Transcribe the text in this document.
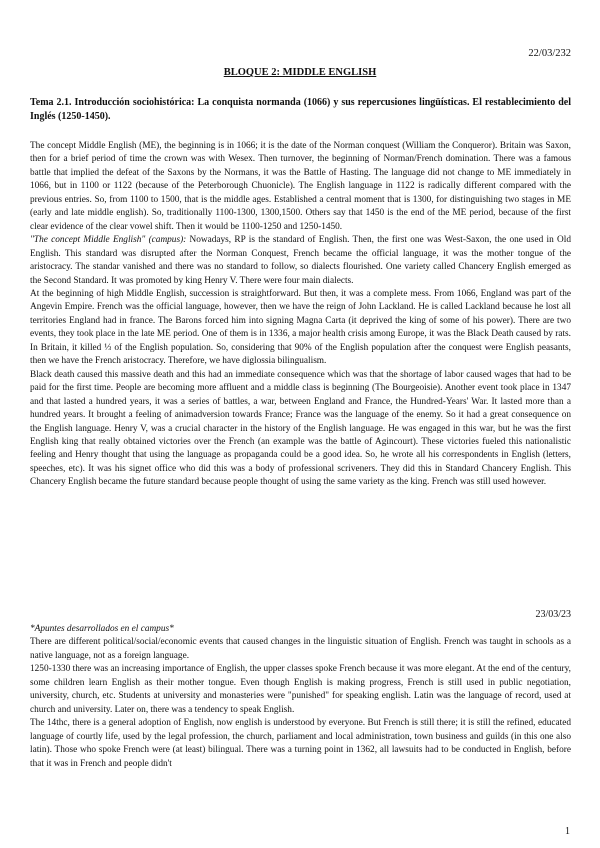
22/03/232
BLOQUE 2: MIDDLE ENGLISH
Tema 2.1. Introducción sociohistórica: La conquista normanda (1066) y sus repercusiones lingüísticas. El restablecimiento del Inglés (1250-1450).

The concept Middle English (ME), the beginning is in 1066; it is the date of the Norman conquest (William the Conqueror). Britain was Saxon, then for a brief period of time the crown was with Wesex. Then turnover, the beginning of Norman/French domination. There was a famous battle that implied the defeat of the Saxons by the Normans, it was the Battle of Hasting. The language did not change to ME immediately in 1066, but in 1100 or 1122 (because of the Peterborough Chuonicle). The English language in 1122 is radically different compared with the previous entries. So, from 1100 to 1500, that is the middle ages. Established a central moment that is 1300, for distinguishing two stages in ME (early and late middle english). So, traditionally 1100-1300, 1300,1500. Others say that 1450 is the end of the ME period, because of the first clear evidence of the clear vowel shift. Then it would be 1100-1250 and 1250-1450.

"The concept Middle English" (campus): Nowadays, RP is the standard of English. Then, the first one was West-Saxon, the one used in Old English. This standard was disrupted after the Norman Conquest, French became the official language, it was the mother tongue of the aristocracy. The standar vanished and there was no standard to follow, so dialects flourished. One variety called Chancery English emerged as the Second Standard. It was promoted by king Henry V. There were four main dialects.

At the beginning of high Middle English, succession is straightforward. But then, it was a complete mess. From 1066, England was part of the Angevin Empire. French was the official language, however, then we have the reign of John Lackland. He is called Lackland because he lost all territories England had in france. The Barons forced him into signing Magna Carta (it deprived the king of some of his power). There are two events, they took place in the late ME period. One of them is in 1336, a major health crisis among Europe, it was the Black Death caused by rats. In Britain, it killed ⅓ of the English population. So, considering that 90% of the English population after the conquest were English peasants, then we have the French aristocracy. Therefore, we have diglossia bilingualism.

Black death caused this massive death and this had an immediate consequence which was that the shortage of labor caused wages that had to be paid for the first time. People are becoming more affluent and a middle class is beginning (The Bourgeoisie). Another event took place in 1347 and that lasted a hundred years, it was a series of battles, a war, between England and France, the Hundred-Years' War. It lasted more than a hundred years. It brought a feeling of animadversion towards France; France was the language of the enemy. So it had a great consequence on the English language. Henry V, was a crucial character in the history of the English language. He was engaged in this war, but he was the first English king that really obtained victories over the French (an example was the battle of Agincourt). These victories fueled this nationalistic feeling and Henry thought that using the language as propaganda could be a good idea. So, he wrote all his correspondents in English (letters, speeches, etc). It was his signet office who did this was a body of professional scriveners. They did this in Standard Chancery English. This Chancery English became the future standard because people thought of using the same variety as the king. French was still used however.

23/03/23

*Apuntes desarrollados en el campus*

There are different political/social/economic events that caused changes in the linguistic situation of English. French was taught in schools as a native language, not as a foreign language.

1250-1330 there was an increasing importance of English, the upper classes spoke French because it was more elegant. At the end of the century, some children learn English as their mother tongue. Even though English is making progress, French is still used in public negotiation, university, church, etc. Students at university and monasteries were "punished" for speaking english. Latin was the language of record, used at church and university. Later on, there was a tendency to speak English.

The 14thc, there is a general adoption of English, now english is understood by everyone. But French is still there; it is still the refined, educated language of courtly life, used by the legal profession, the church, parliament and local administration, town business and guilds (in this one also latin). Those who spoke French were (at least) bilingual. There was a turning point in 1362, all lawsuits had to be conducted in English, before that it was in French and people didn't

1
